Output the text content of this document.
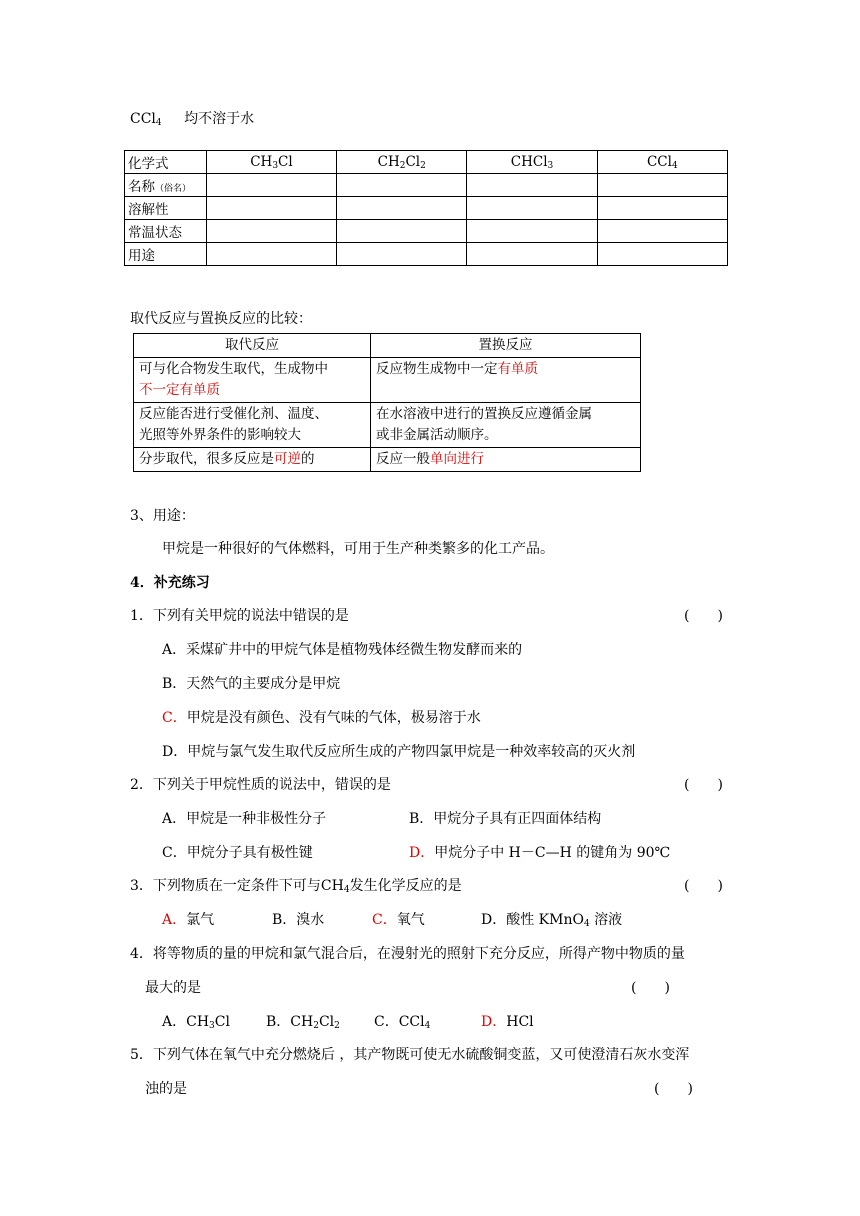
CCl$_4$ 均不溶于水
化学式	$CH_3Cl$	$CH_2Cl_2$	CHCl$_3$	CCl$_4$
名称（俗名）				
溶解性				
常温状态				
用途				
取代反应与置换反应的比较：
取代反应	置换反应
可与化合物发生取代，生成物中
不一定有单质	反应物生成物中一定有单质
反应能否进行受催化剂、温度、
光照等外界条件的影响较大	在水溶液中进行的置换反应遵循金属
或非金属活动顺序。
分步取代，很多反应是可逆的	反应一般单向进行
3、用途：
甲烷是一种很好的气体燃料，可用于生产种类繁多的化工产品。
4．补充练习
1．下列有关甲烷的说法中错误的是	(　　)
A．采煤矿井中的甲烷气体是植物残体经微生物发酵而来的
B．天然气的主要成分是甲烷
C．甲烷是没有颜色、没有气味的气体，极易溶于水
D．甲烷与氯气发生取代反应所生成的产物四氯甲烷是一种效率较高的灭火剂
2．下列关于甲烷性质的说法中，错误的是	(　　)
A．甲烷是一种非极性分子	B．甲烷分子具有正四面体结构
C．甲烷分子具有极性键	D．甲烷分子中 H－C—H 的键角为 90℃
3．下列物质在一定条件下可与$CH_4$发生化学反应的是	(　　)
A．氯气	B．溴水	C．氧气	D．酸性 KMnO$_4$ 溶液
4．将等物质的量的甲烷和氯气混合后，在漫射光的照射下充分反应，所得产物中物质的量
最大的是	(　　)
A．$CH_3Cl$	B．$CH_2Cl_2$ C．CCl$_4$	D．HCl
5．下列气体在氧气中充分燃烧后 ，其产物既可使无水硫酸铜变蓝，又可使澄清石灰水变浑
浊的是	(　　)
